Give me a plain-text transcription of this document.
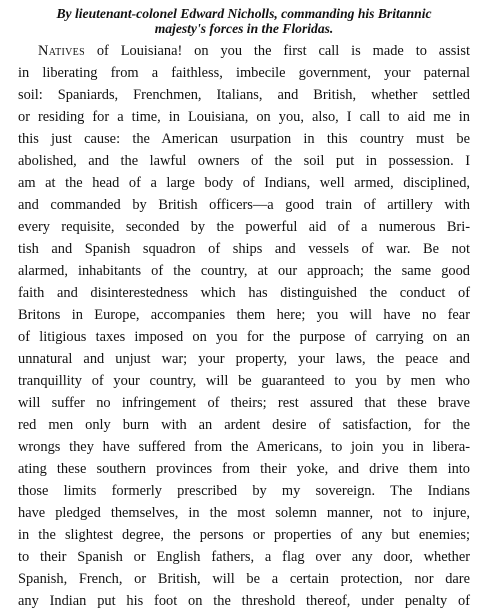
By lieutenant-colonel Edward Nicholls, commanding his Britannic
majesty's forces in the Floridas.
Natives of Louisiana! on you the first call is made to assist
in liberating from a faithless, imbecile government, your paternal
soil: Spaniards, Frenchmen, Italians, and British, whether settled
or residing for a time, in Louisiana, on you, also, I call to aid me in
this just cause: the American usurpation in this country must be
abolished, and the lawful owners of the soil put in possession. I
am at the head of a large body of Indians, well armed, disciplined,
and commanded by British officers—a good train of artillery with
every requisite, seconded by the powerful aid of a numerous Bri-
tish and Spanish squadron of ships and vessels of war. Be not
alarmed, inhabitants of the country, at our approach; the same good
faith and disinterestedness which has distinguished the conduct of
Britons in Europe, accompanies them here; you will have no fear
of litigious taxes imposed on you for the purpose of carrying on an
unnatural and unjust war; your property, your laws, the peace and
tranquillity of your country, will be guaranteed to you by men who
will suffer no infringement of theirs; rest assured that these brave
red men only burn with an ardent desire of satisfaction, for the
wrongs they have suffered from the Americans, to join you in libera-
ating these southern provinces from their yoke, and drive them into
those limits formerly prescribed by my sovereign. The Indians
have pledged themselves, in the most solemn manner, not to injure,
in the slightest degree, the persons or properties of any but enemies;
to their Spanish or English fathers, a flag over any door, whether
Spanish, French, or British, will be a certain protection, nor dare
any Indian put his foot on the threshold thereof, under penalty of
